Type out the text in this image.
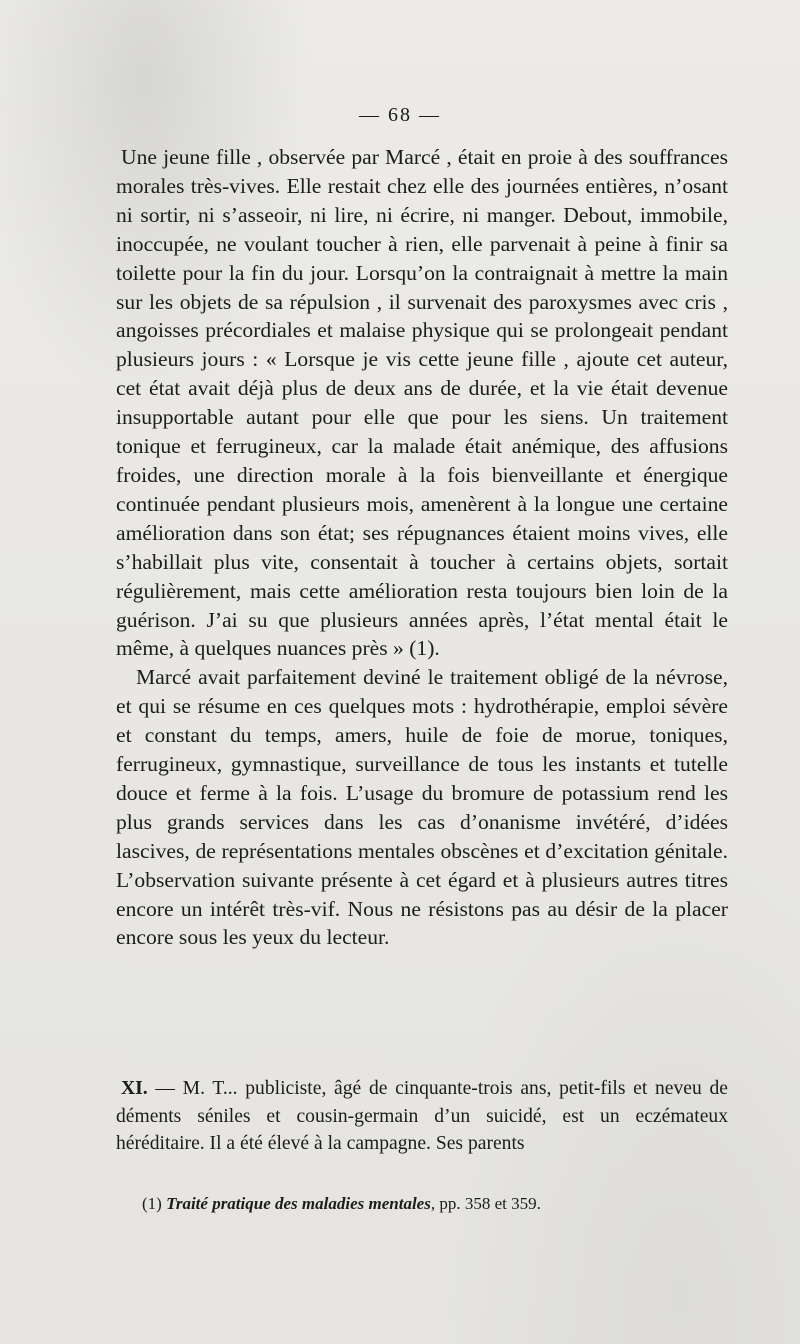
— 68 —

Une jeune fille , observée par Marcé , était en proie à des souffrances morales très-vives. Elle restait chez elle des journées entières, n’osant ni sortir, ni s’asseoir, ni lire, ni écrire, ni manger. Debout, immobile, inoccupée, ne voulant toucher à rien, elle parvenait à peine à finir sa toilette pour la fin du jour. Lorsqu’on la contraignait à mettre la main sur les objets de sa répulsion , il survenait des paroxysmes avec cris , angoisses précordiales et malaise physique qui se prolongeait pendant plusieurs jours : « Lorsque je vis cette jeune fille , ajoute cet auteur, cet état avait déjà plus de deux ans de durée, et la vie était devenue insupportable autant pour elle que pour les siens. Un traitement tonique et ferrugineux, car la malade était anémique, des affusions froides, une direction morale à la fois bienveillante et énergique continuée pendant plusieurs mois, amenèrent à la longue une certaine amélioration dans son état; ses répugnances étaient moins vives, elle s’habillait plus vite, consentait à toucher à certains objets, sortait régulièrement, mais cette amélioration resta toujours bien loin de la guérison. J’ai su que plusieurs années après, l’état mental était le même, à quelques nuances près » (1).

Marcé avait parfaitement deviné le traitement obligé de la névrose, et qui se résume en ces quelques mots : hydrothérapie, emploi sévère et constant du temps, amers, huile de foie de morue, toniques, ferrugineux, gymnastique, surveillance de tous les instants et tutelle douce et ferme à la fois. L’usage du bromure de potassium rend les plus grands services dans les cas d’onanisme invétéré, d’idées lascives, de représentations mentales obscènes et d’excitation génitale. L’observation suivante présente à cet égard et à plusieurs autres titres encore un intérêt très-vif. Nous ne résistons pas au désir de la placer encore sous les yeux du lecteur.

XI. — M. T... publiciste, âgé de cinquante-trois ans, petit-fils et neveu de déments séniles et cousin-germain d’un suicidé, est un eczémateux héréditaire. Il a été élevé à la campagne. Ses parents

(1) Traité pratique des maladies mentales, pp. 358 et 359.
